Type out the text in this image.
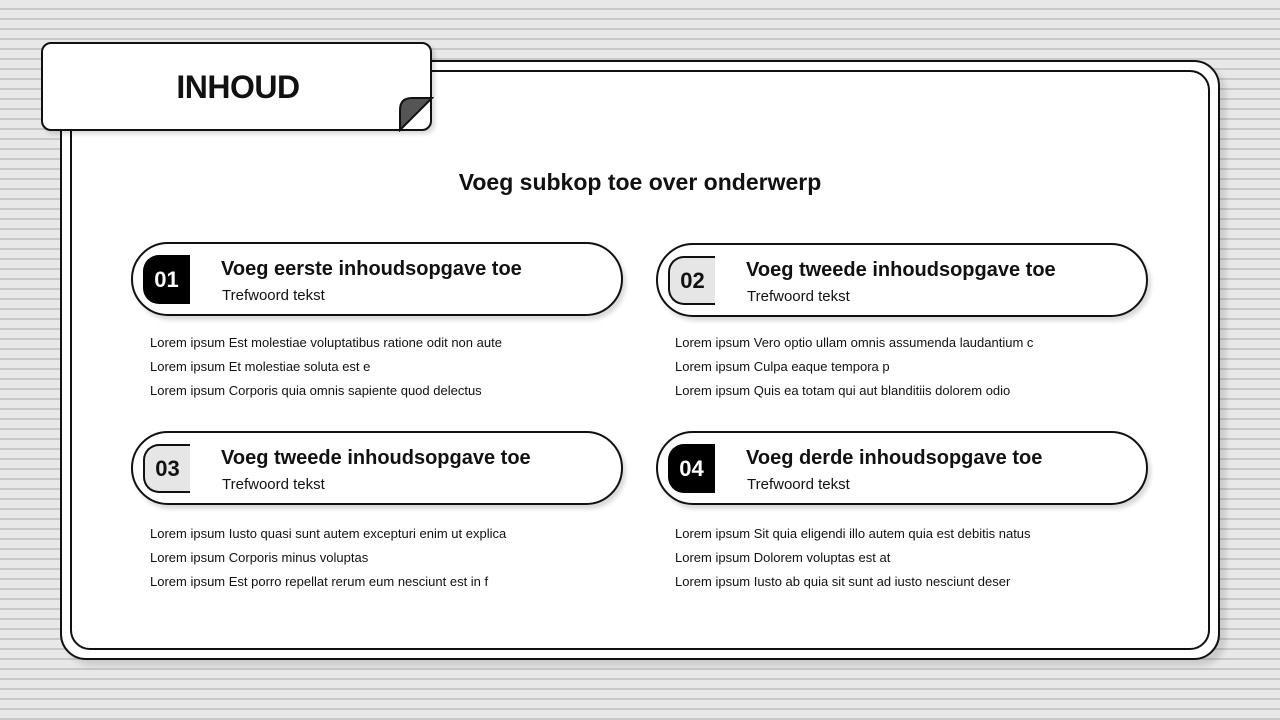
INHOUD
Voeg subkop toe over onderwerp
01	Voeg eerste inhoudsopgave toe
Trefwoord tekst
Lorem ipsum Est molestiae voluptatibus ratione odit non aute
Lorem ipsum Et molestiae soluta est e
Lorem ipsum Corporis quia omnis sapiente quod delectus
02	Voeg tweede inhoudsopgave toe
Trefwoord tekst
Lorem ipsum Vero optio ullam omnis assumenda laudantium c
Lorem ipsum Culpa eaque tempora p
Lorem ipsum Quis ea totam qui aut blanditiis dolorem odio
03	Voeg tweede inhoudsopgave toe
Trefwoord tekst
Lorem ipsum Iusto quasi sunt autem excepturi enim ut explica
Lorem ipsum Corporis minus voluptas
Lorem ipsum Est porro repellat rerum eum nesciunt est in f
04	Voeg derde inhoudsopgave toe
Trefwoord tekst
Lorem ipsum Sit quia eligendi illo autem quia est debitis natus
Lorem ipsum Dolorem voluptas est at
Lorem ipsum Iusto ab quia sit sunt ad iusto nesciunt deser
